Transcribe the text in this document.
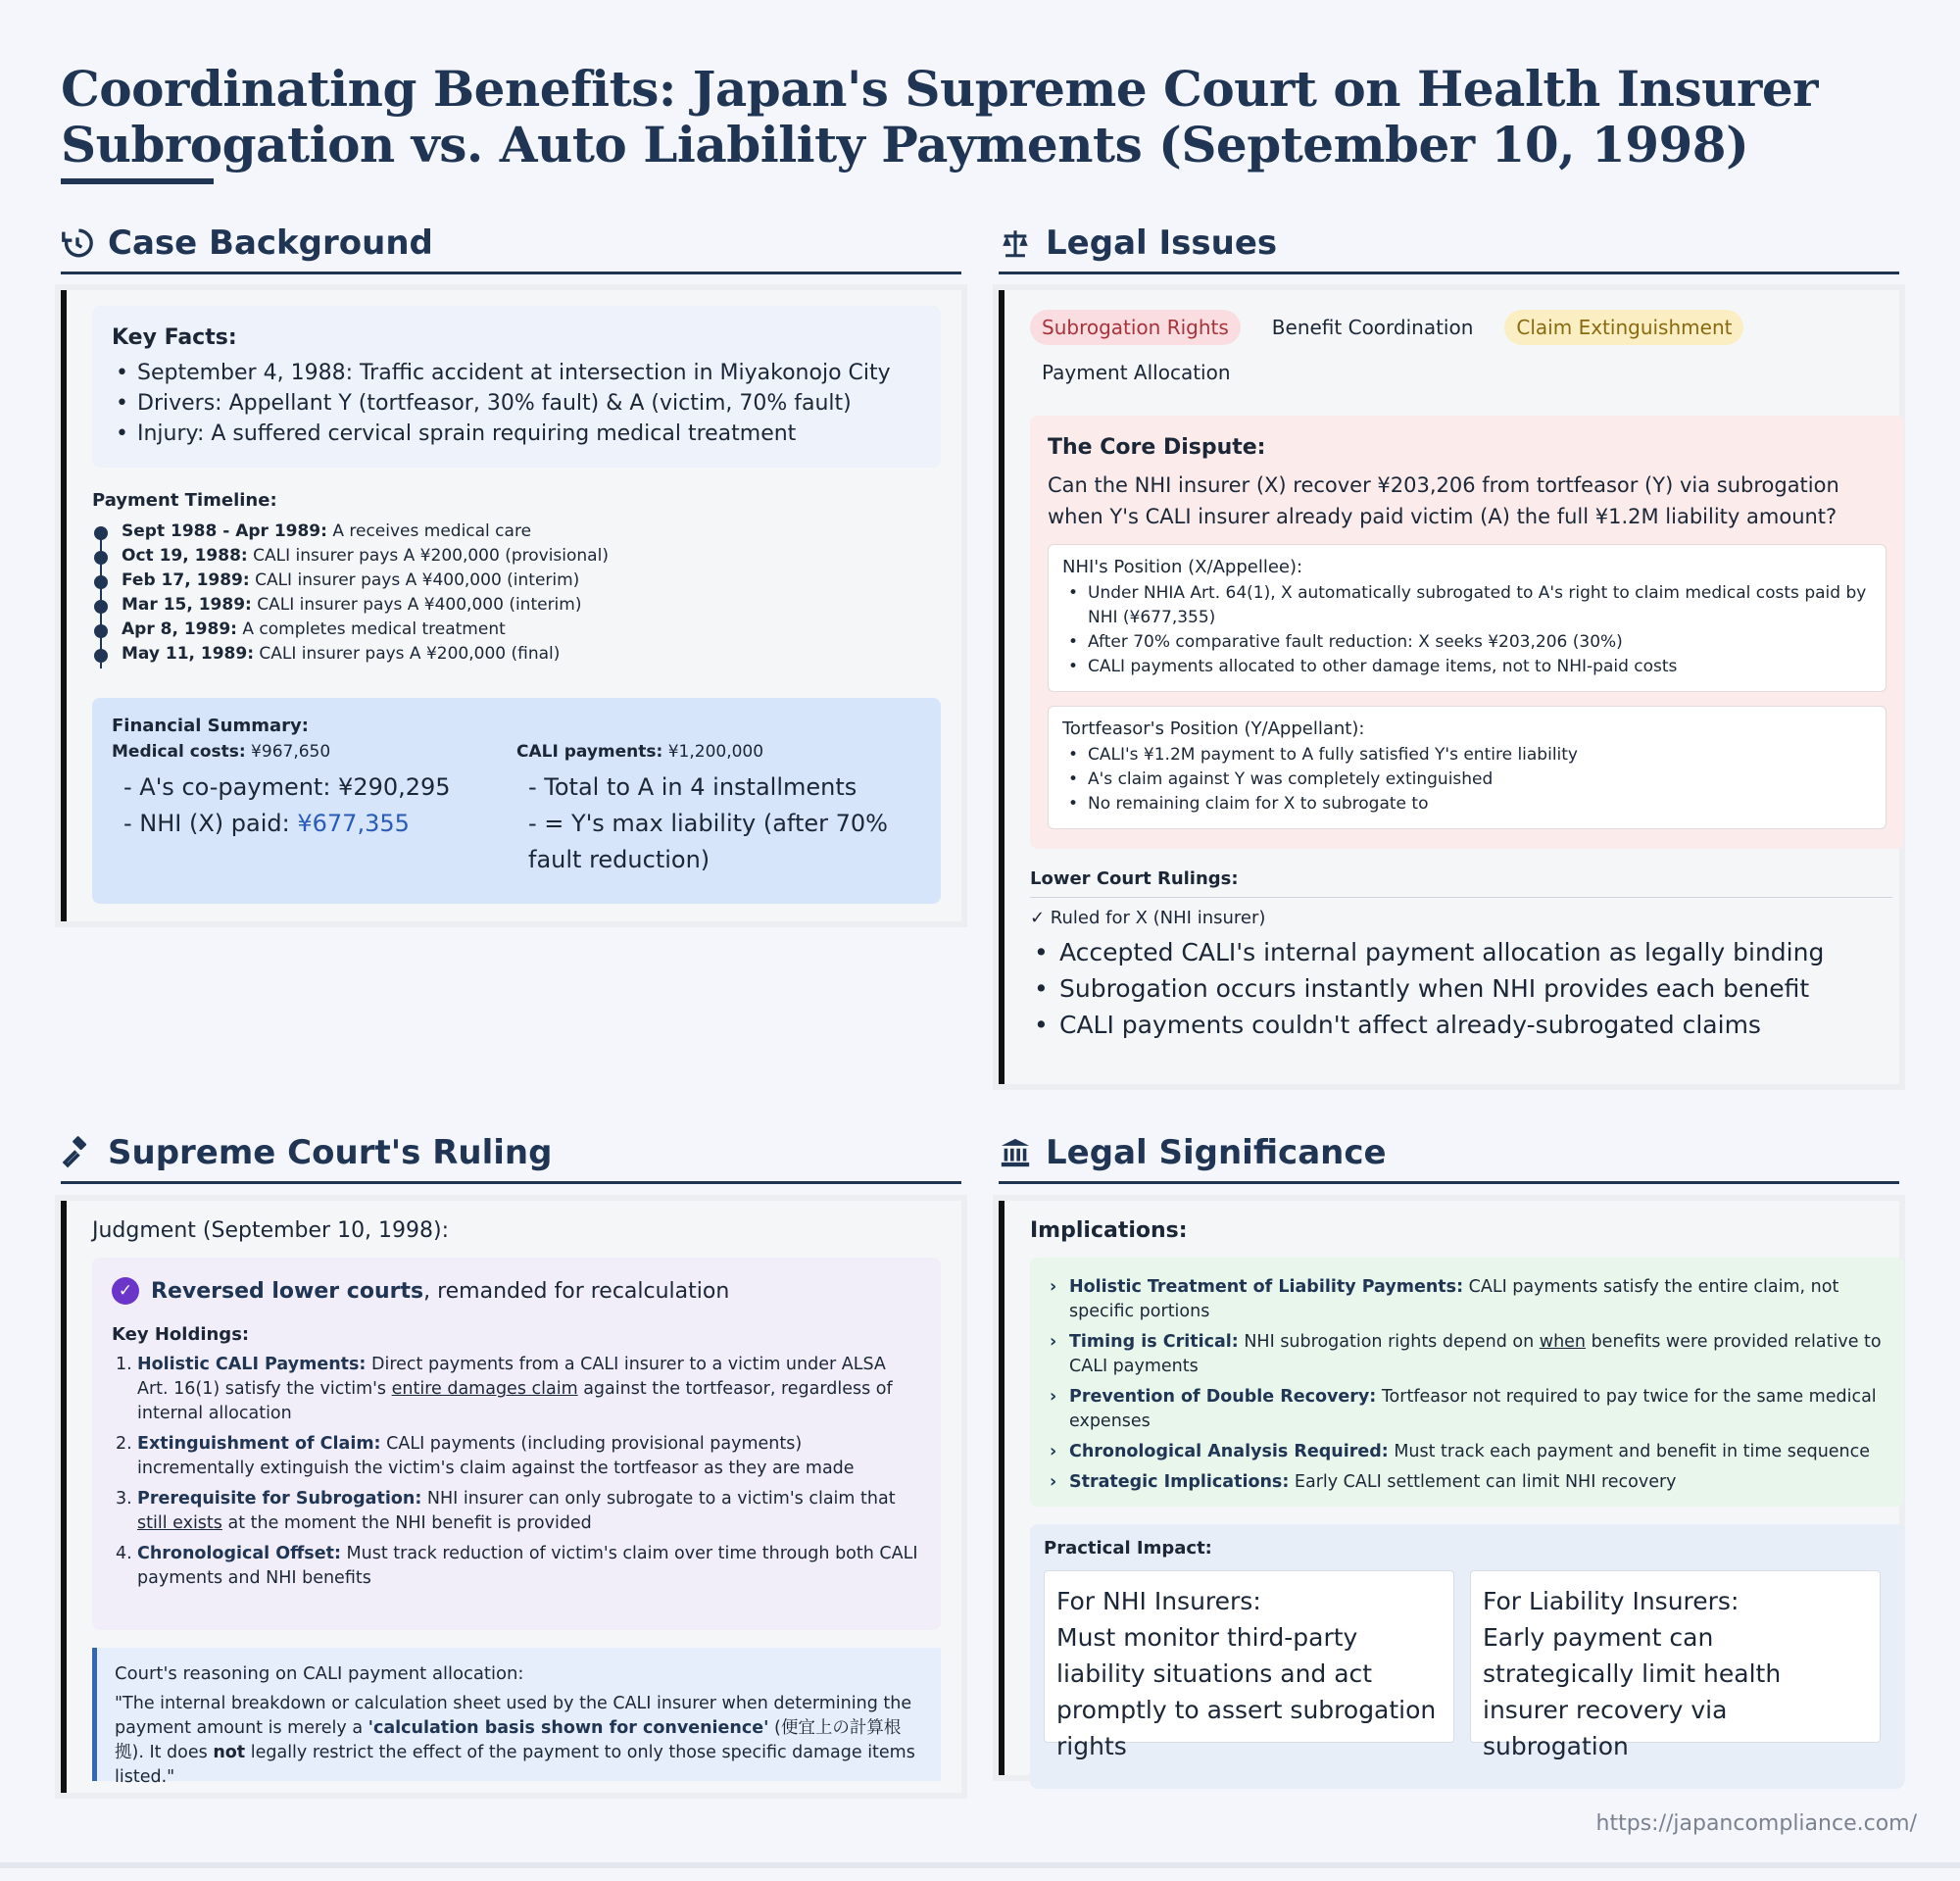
Coordinating Benefits: Japan's Supreme Court on Health Insurer Subrogation vs. Auto Liability Payments (September 10, 1998)
Case Background
Key Facts:
• September 4, 1988: Traffic accident at intersection in Miyakonojo City
• Drivers: Appellant Y (tortfeasor, 30% fault) & A (victim, 70% fault)
• Injury: A suffered cervical sprain requiring medical treatment
Payment Timeline:
Sept 1988 - Apr 1989: A receives medical care
Oct 19, 1988: CALI insurer pays A ¥200,000 (provisional)
Feb 17, 1989: CALI insurer pays A ¥400,000 (interim)
Mar 15, 1989: CALI insurer pays A ¥400,000 (interim)
Apr 8, 1989: A completes medical treatment
May 11, 1989: CALI insurer pays A ¥200,000 (final)
Financial Summary:
Medical costs: ¥967,650
- A's co-payment: ¥290,295
- NHI (X) paid: ¥677,355
CALI payments: ¥1,200,000
- Total to A in 4 installments
- = Y's max liability (after 70% fault reduction)
Legal Issues
Subrogation Rights	Benefit Coordination	Claim Extinguishment
Payment Allocation
The Core Dispute:
Can the NHI insurer (X) recover ¥203,206 from tortfeasor (Y) via subrogation when Y's CALI insurer already paid victim (A) the full ¥1.2M liability amount?
NHI's Position (X/Appellee):
• Under NHIA Art. 64(1), X automatically subrogated to A's right to claim medical costs paid by NHI (¥677,355)
• After 70% comparative fault reduction: X seeks ¥203,206 (30%)
• CALI payments allocated to other damage items, not to NHI-paid costs
Tortfeasor's Position (Y/Appellant):
• CALI's ¥1.2M payment to A fully satisfied Y's entire liability
• A's claim against Y was completely extinguished
• No remaining claim for X to subrogate to
Lower Court Rulings:
✓ Ruled for X (NHI insurer)
• Accepted CALI's internal payment allocation as legally binding
• Subrogation occurs instantly when NHI provides each benefit
• CALI payments couldn't affect already-subrogated claims
Supreme Court's Ruling
Judgment (September 10, 1998):
✓ Reversed lower courts, remanded for recalculation
Key Holdings:
1. Holistic CALI Payments: Direct payments from a CALI insurer to a victim under ALSA Art. 16(1) satisfy the victim's entire damages claim against the tortfeasor, regardless of internal allocation
2. Extinguishment of Claim: CALI payments (including provisional payments) incrementally extinguish the victim's claim against the tortfeasor as they are made
3. Prerequisite for Subrogation: NHI insurer can only subrogate to a victim's claim that still exists at the moment the NHI benefit is provided
4. Chronological Offset: Must track reduction of victim's claim over time through both CALI payments and NHI benefits
Court's reasoning on CALI payment allocation:
"The internal breakdown or calculation sheet used by the CALI insurer when determining the payment amount is merely a 'calculation basis shown for convenience' (便宜上の計算根拠). It does not legally restrict the effect of the payment to only those specific damage items listed."
Legal Significance
Implications:
› Holistic Treatment of Liability Payments: CALI payments satisfy the entire claim, not specific portions
› Timing is Critical: NHI subrogation rights depend on when benefits were provided relative to CALI payments
› Prevention of Double Recovery: Tortfeasor not required to pay twice for the same medical expenses
› Chronological Analysis Required: Must track each payment and benefit in time sequence
› Strategic Implications: Early CALI settlement can limit NHI recovery
Practical Impact:
For NHI Insurers:
Must monitor third-party liability situations and act promptly to assert subrogation rights
For Liability Insurers:
Early payment can strategically limit health insurer recovery via subrogation
https://japancompliance.com/
